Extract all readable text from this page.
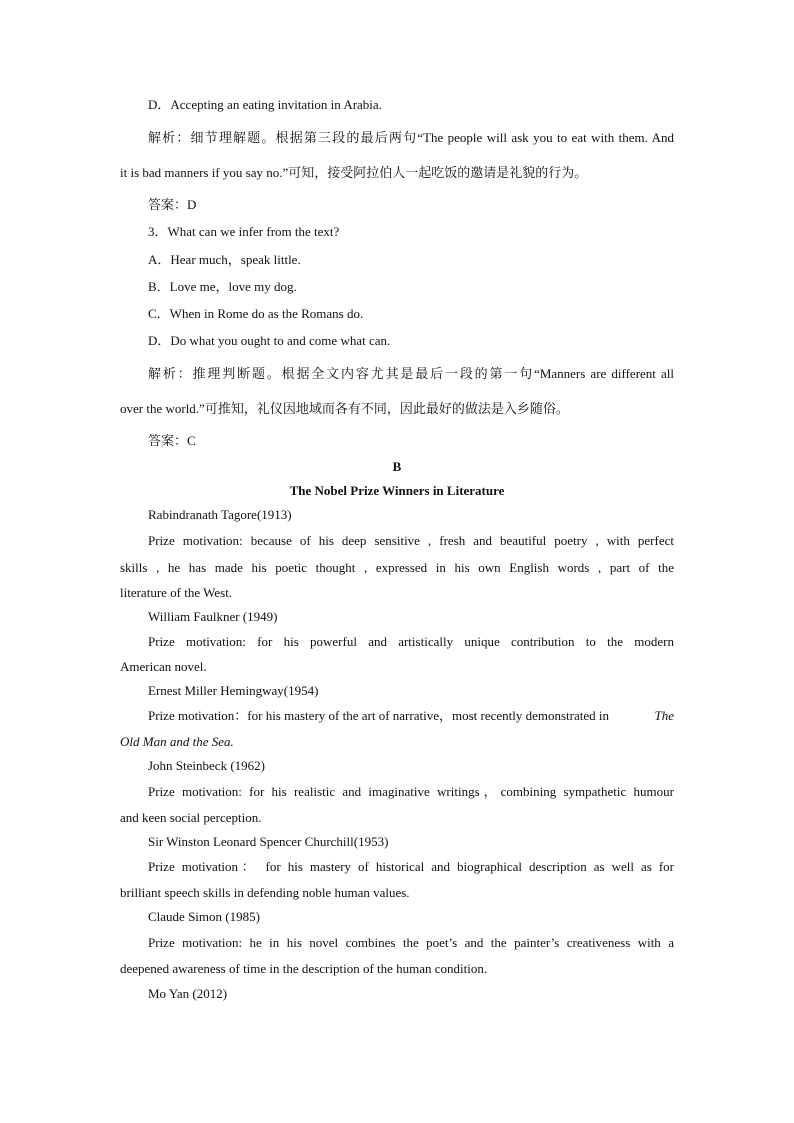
D．Accepting an eating invitation in Arabia.
解析：细节理解题。根据第三段的最后两句“The people will ask you to eat with them. And
it is bad manners if you say no.”可知，接受阿拉伯人一起吃饭的邀请是礼貌的行为。
答案：D
3．What can we infer from the text?
A．Hear much，speak little.
B．Love me，love my dog.
C．When in Rome do as the Romans do.
D．Do what you ought to and come what can.
解析：推理判断题。根据全文内容尤其是最后一段的第一句“Manners are different all
over the world.”可推知，礼仪因地域而各有不同，因此最好的做法是入乡随俗。
答案：C
B
The Nobel Prize Winners in Literature
Rabindranath Tagore(1913)
Prize motivation: because of his deep sensitive , fresh and beautiful poetry , with perfect
skills , he has made his poetic thought , expressed in his own English words , part of the
literature of the West.
William Faulkner (1949)
Prize motivation: for his powerful and artistically unique contribution to the modern
American novel.
Ernest Miller Hemingway(1954)
Prize motivation：for his mastery of the art of narrative，most recently demonstrated in	The
Old Man and the Sea.
John Steinbeck (1962)
Prize motivation: for his realistic and imaginative writings，combining sympathetic humour
and keen social perception.
Sir Winston Leonard Spencer Churchill(1953)
Prize motivation： for his mastery of historical and biographical description as well as for
brilliant speech skills in defending noble human values.
Claude Simon (1985)
Prize motivation: he in his novel combines the poet’s and the painter’s creativeness with a
deepened awareness of time in the description of the human condition.
Mo Yan (2012)
